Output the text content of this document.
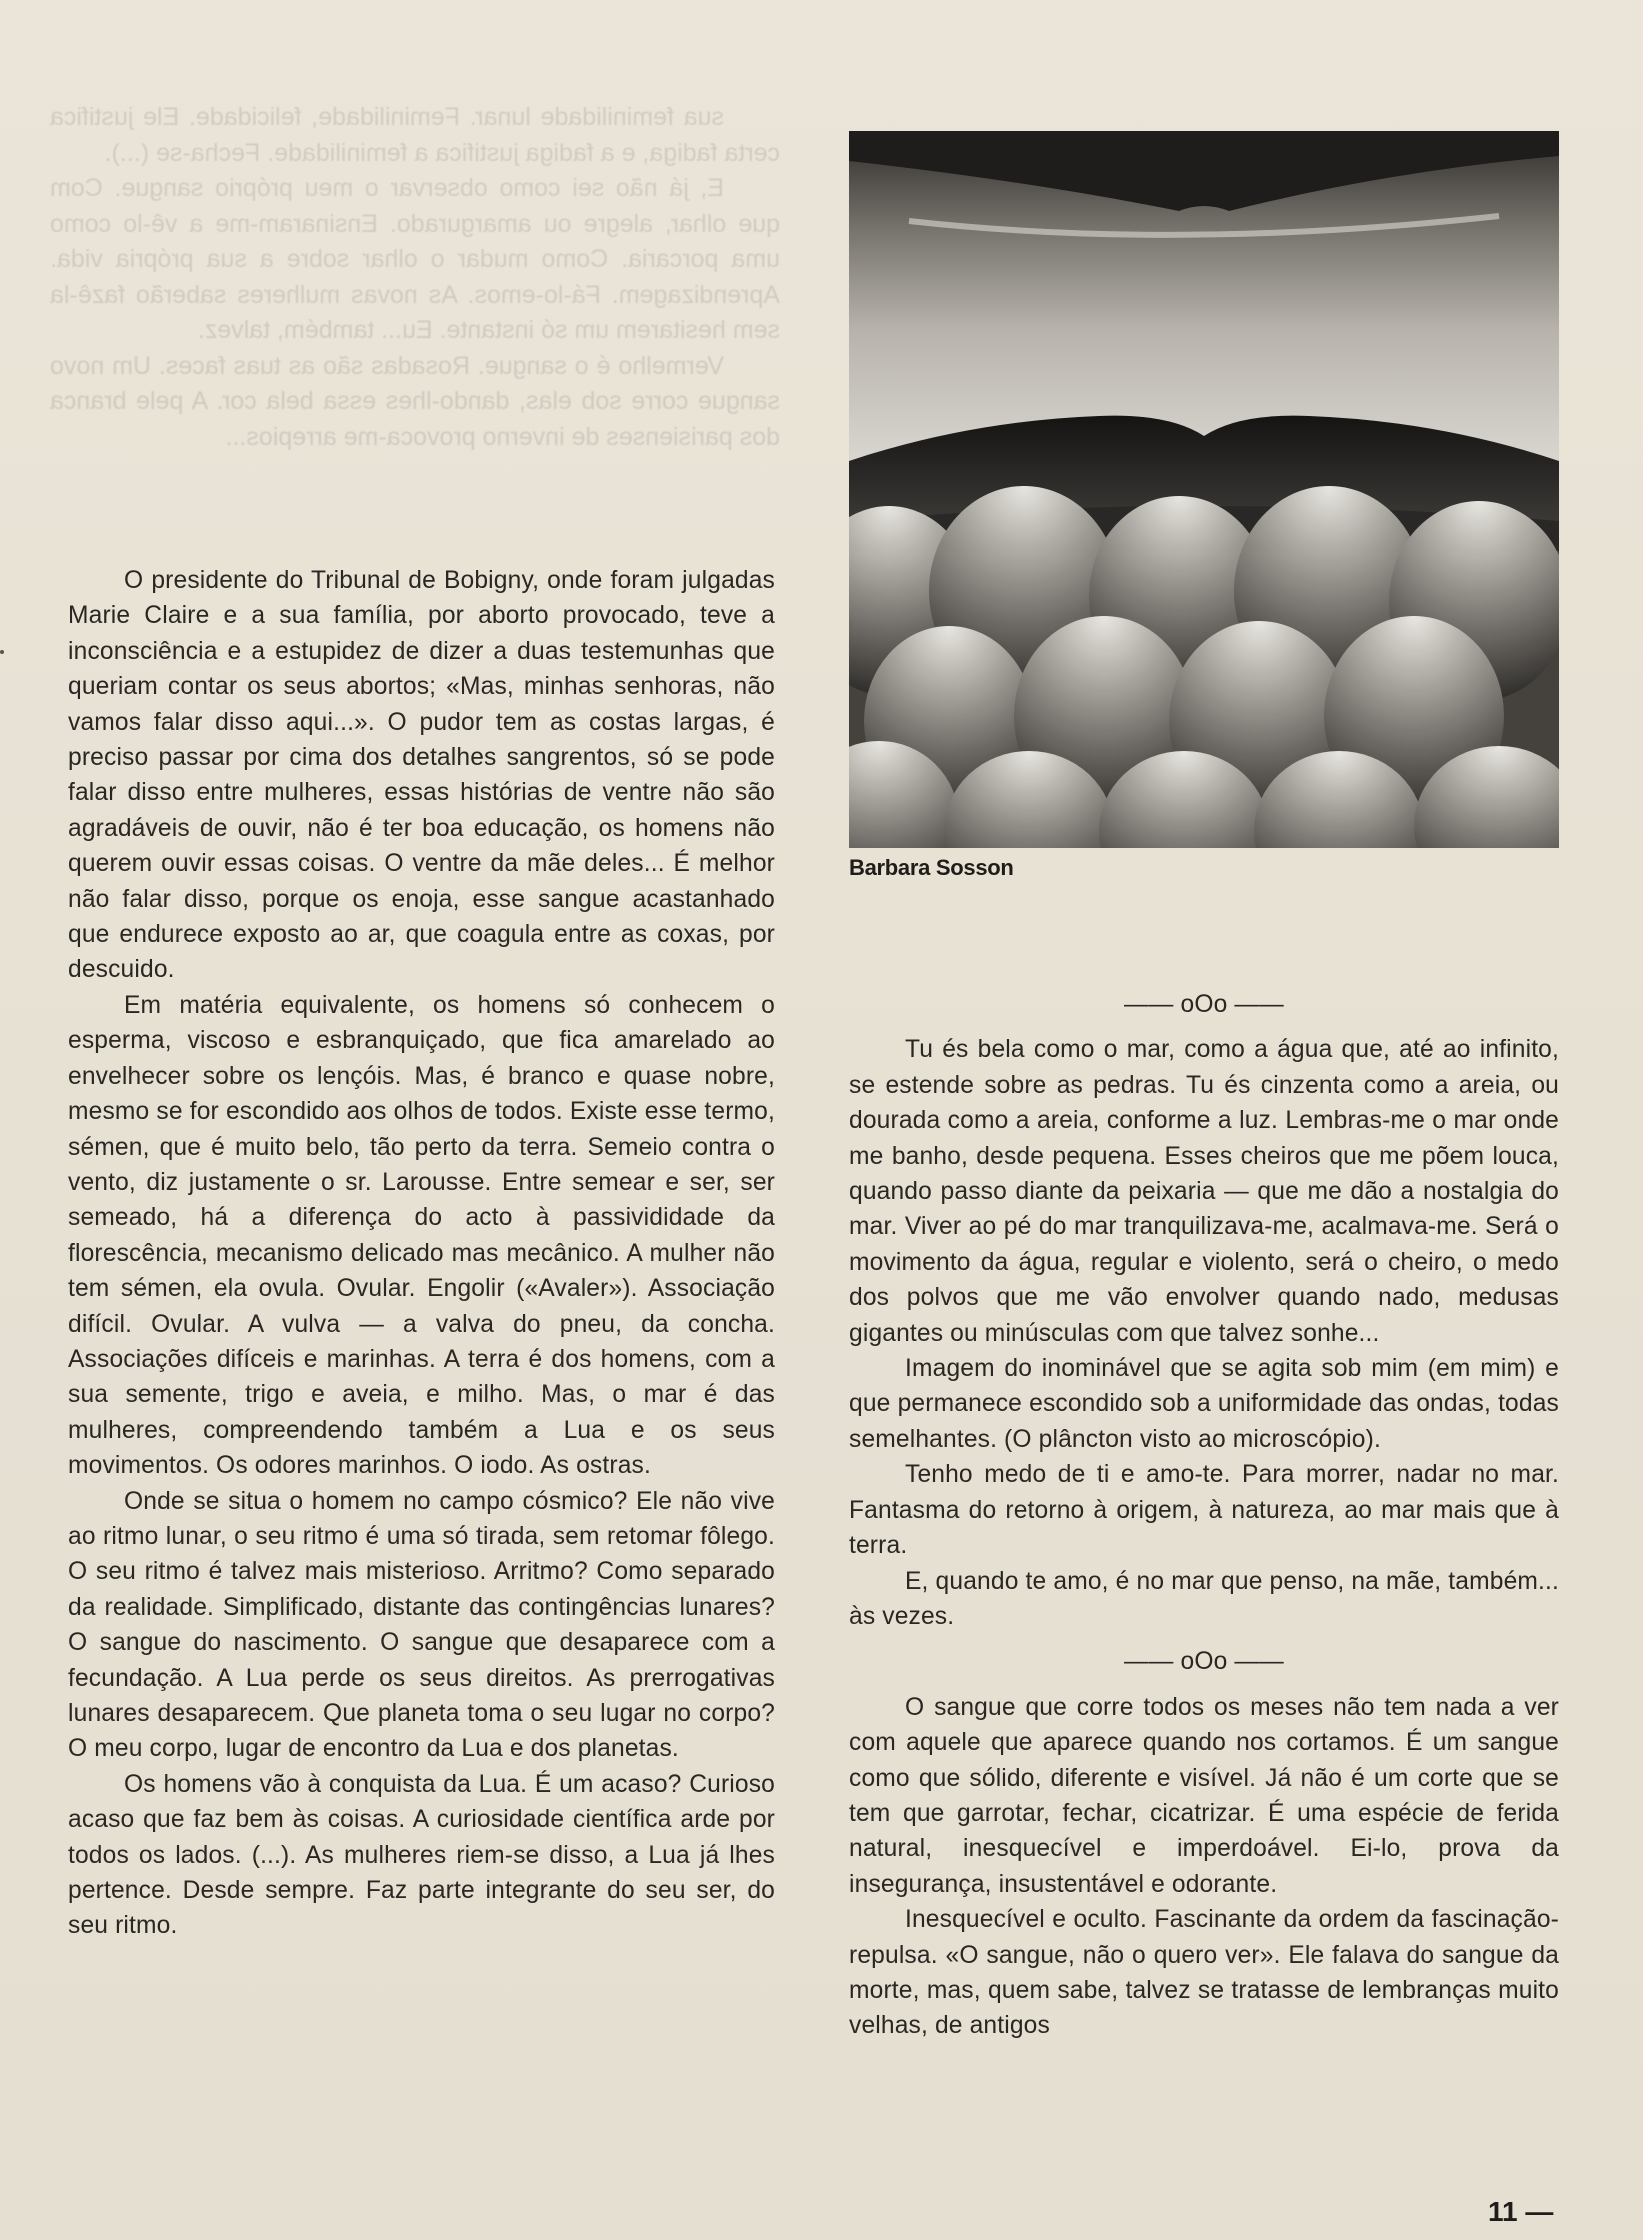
sua feminilidade lunar. Feminilidade, felicidade. Ele justifica certa fadiga, e a fadiga justifica a feminilidade. Fecha-se (...).

E, já não sei como observar o meu próprio sangue. Com que olhar, alegre ou amargurado. Ensinaram-me a vê-lo como uma porcaria. Como mudar o olhar sobre a sua própria vida. Aprendizagem. Fá-lo-emos. As novas mulheres saberão fazê-la sem hesitarem um só instante. Eu... também, talvez.

Vermelho é o sangue. Rosadas são as tuas faces. Um novo sangue corre sob elas, dando-lhes essa bela cor. A pele branca dos parisienses de inverno provoca-me arrepios...

O presidente do Tribunal de Bobigny, onde foram julgadas Marie Claire e a sua família, por aborto provocado, teve a inconsciência e a estupidez de dizer a duas testemunhas que queriam contar os seus abortos; «Mas, minhas senhoras, não vamos falar disso aqui...». O pudor tem as costas largas, é preciso passar por cima dos detalhes sangrentos, só se pode falar disso entre mulheres, essas histórias de ventre não são agradáveis de ouvir, não é ter boa educação, os homens não querem ouvir essas coisas. O ventre da mãe deles... É melhor não falar disso, porque os enoja, esse sangue acastanhado que endurece exposto ao ar, que coagula entre as coxas, por descuido.

Em matéria equivalente, os homens só conhecem o esperma, viscoso e esbranquiçado, que fica amarelado ao envelhecer sobre os lençóis. Mas, é branco e quase nobre, mesmo se for escondido aos olhos de todos. Existe esse termo, sémen, que é muito belo, tão perto da terra. Semeio contra o vento, diz justamente o sr. Larousse. Entre semear e ser, ser semeado, há a diferença do acto à passivididade da florescência, mecanismo delicado mas mecânico. A mulher não tem sémen, ela ovula. Ovular. Engolir («Avaler»). Associação difícil. Ovular. A vulva — a valva do pneu, da concha. Associações difíceis e marinhas. A terra é dos homens, com a sua semente, trigo e aveia, e milho. Mas, o mar é das mulheres, compreendendo também a Lua e os seus movimentos. Os odores marinhos. O iodo. As ostras.

Onde se situa o homem no campo cósmico? Ele não vive ao ritmo lunar, o seu ritmo é uma só tirada, sem retomar fôlego. O seu ritmo é talvez mais misterioso. Arritmo? Como separado da realidade. Simplificado, distante das contingências lunares? O sangue do nascimento. O sangue que desaparece com a fecundação. A Lua perde os seus direitos. As prerrogativas lunares desaparecem. Que planeta toma o seu lugar no corpo? O meu corpo, lugar de encontro da Lua e dos planetas.

Os homens vão à conquista da Lua. É um acaso? Curioso acaso que faz bem às coisas. A curiosidade científica arde por todos os lados. (...). As mulheres riem-se disso, a Lua já lhes pertence. Desde sempre. Faz parte integrante do seu ser, do seu ritmo.

Barbara Sosson

—— oOo ——

Tu és bela como o mar, como a água que, até ao infinito, se estende sobre as pedras. Tu és cinzenta como a areia, ou dourada como a areia, conforme a luz. Lembras-me o mar onde me banho, desde pequena. Esses cheiros que me põem louca, quando passo diante da peixaria — que me dão a nostalgia do mar. Viver ao pé do mar tranquilizava-me, acalmava-me. Será o movimento da água, regular e violento, será o cheiro, o medo dos polvos que me vão envolver quando nado, medusas gigantes ou minúsculas com que talvez sonhe...

Imagem do inominável que se agita sob mim (em mim) e que permanece escondido sob a uniformidade das ondas, todas semelhantes. (O plâncton visto ao microscópio).

Tenho medo de ti e amo-te. Para morrer, nadar no mar. Fantasma do retorno à origem, à natureza, ao mar mais que à terra.

E, quando te amo, é no mar que penso, na mãe, também... às vezes.

—— oOo ——

O sangue que corre todos os meses não tem nada a ver com aquele que aparece quando nos cortamos. É um sangue como que sólido, diferente e visível. Já não é um corte que se tem que garrotar, fechar, cicatrizar. É uma espécie de ferida natural, inesquecível e imperdoável. Ei-lo, prova da insegurança, insustentável e odorante.

Inesquecível e oculto. Fascinante da ordem da fascinação-repulsa. «O sangue, não o quero ver». Ele falava do sangue da morte, mas, quem sabe, talvez se tratasse de lembranças muito velhas, de antigos

11 —
